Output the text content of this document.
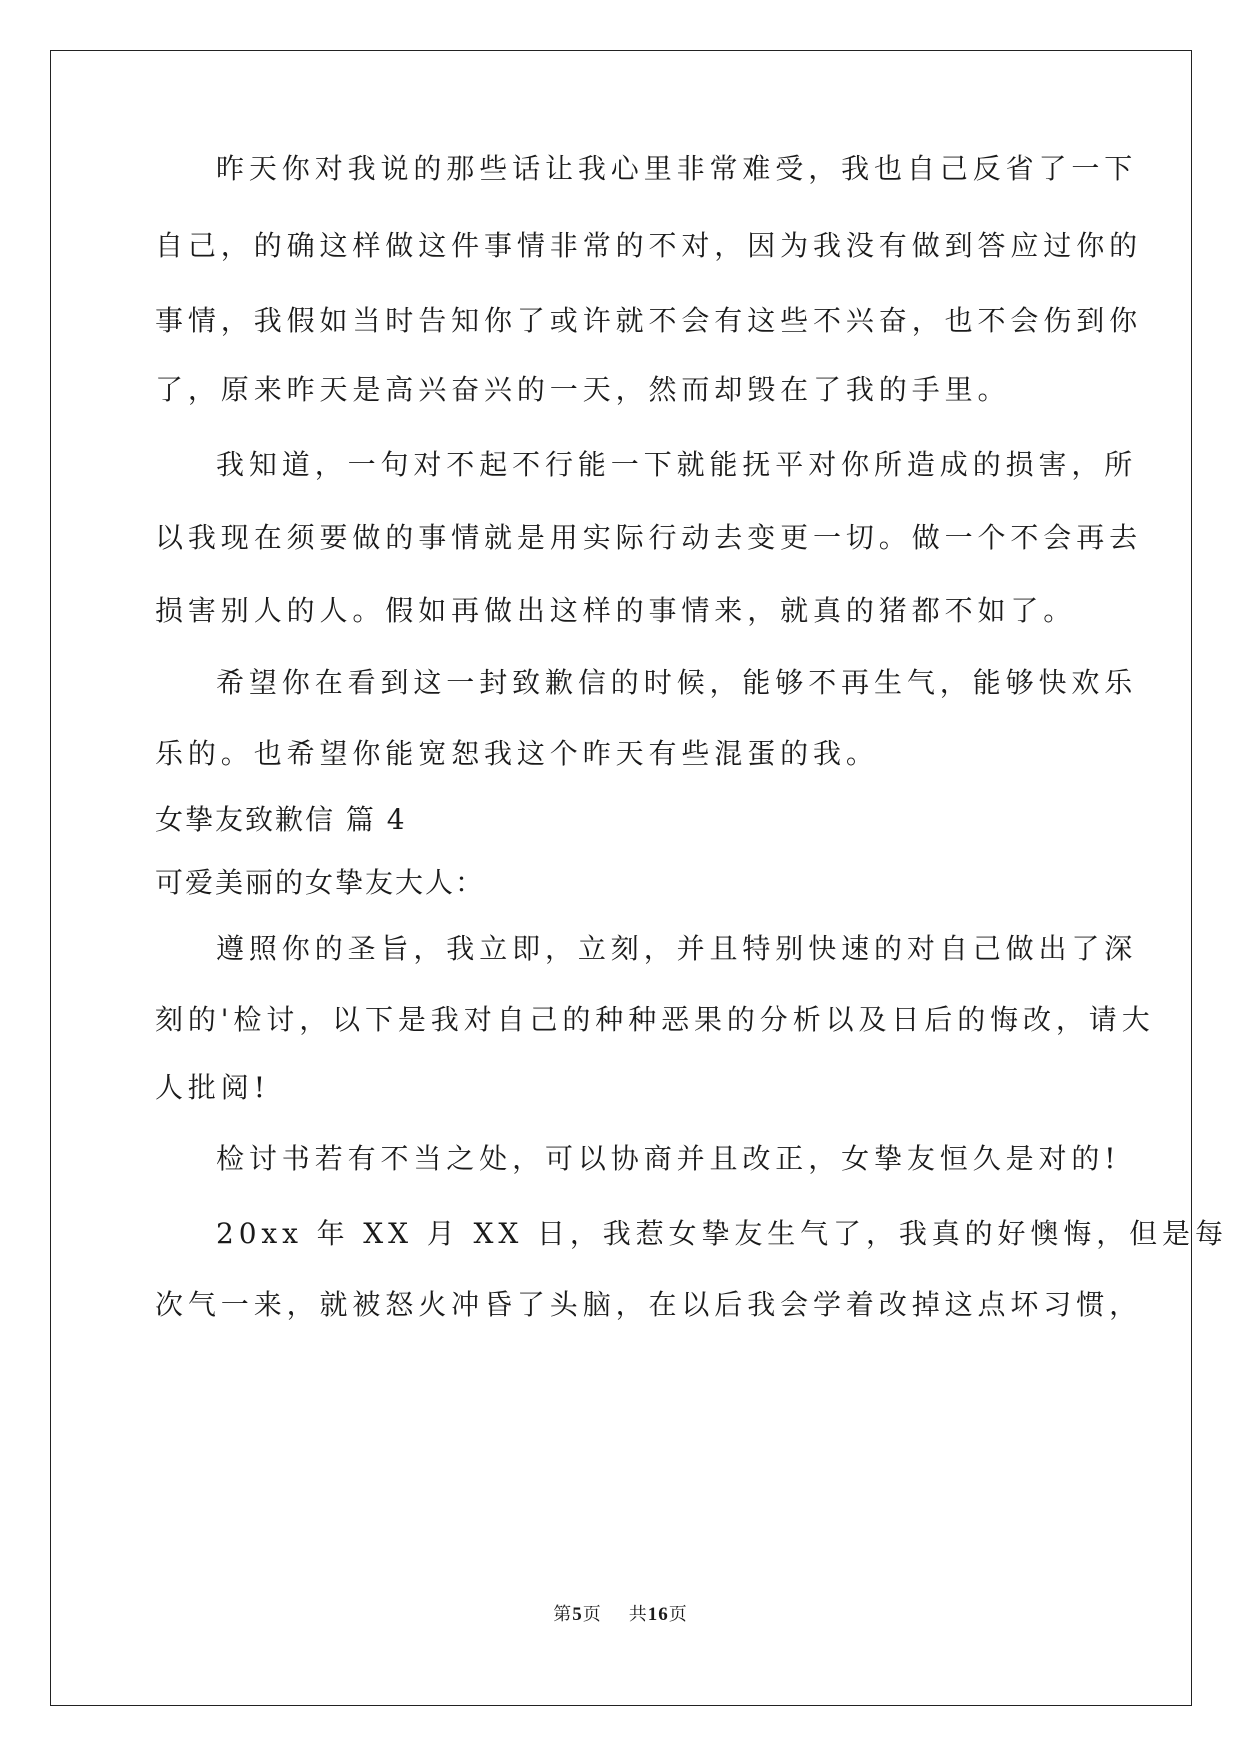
昨天你对我说的那些话让我心里非常难受，我也自己反省了一下
自己，的确这样做这件事情非常的不对，因为我没有做到答应过你的
事情，我假如当时告知你了或许就不会有这些不兴奋，也不会伤到你
了，原来昨天是高兴奋兴的一天，然而却毁在了我的手里。
我知道，一句对不起不行能一下就能抚平对你所造成的损害，所
以我现在须要做的事情就是用实际行动去变更一切。做一个不会再去
损害别人的人。假如再做出这样的事情来，就真的猪都不如了。
希望你在看到这一封致歉信的时候，能够不再生气，能够快欢乐
乐的。也希望你能宽恕我这个昨天有些混蛋的我。
女挚友致歉信 篇 4
可爱美丽的女挚友大人：
遵照你的圣旨，我立即，立刻，并且特别快速的对自己做出了深
刻的'检讨，以下是我对自己的种种恶果的分析以及日后的悔改，请大
人批阅!
检讨书若有不当之处，可以协商并且改正，女挚友恒久是对的!
20xx 年 XX 月 XX 日，我惹女挚友生气了，我真的好懊悔，但是每
次气一来，就被怒火冲昏了头脑，在以后我会学着改掉这点坏习惯，
第5页 共16页
